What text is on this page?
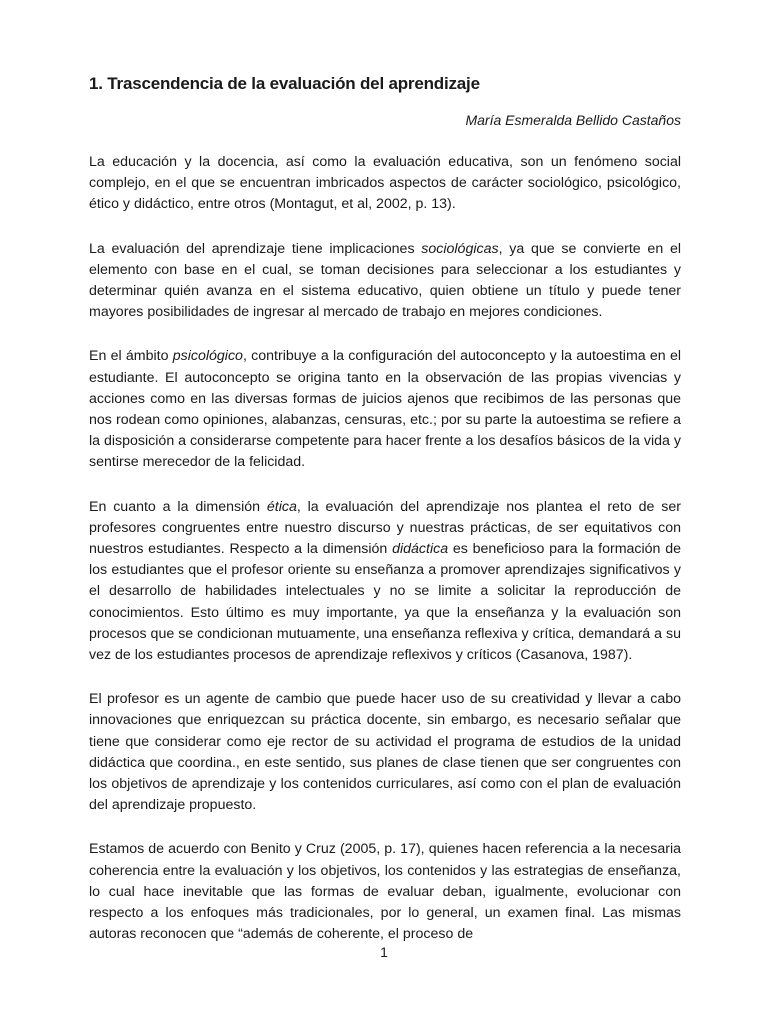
1. Trascendencia de la evaluación del aprendizaje

María Esmeralda Bellido Castaños

La educación y la docencia, así como la evaluación educativa, son un fenómeno social complejo, en el que se encuentran imbricados aspectos de carácter sociológico, psicológico, ético y didáctico, entre otros (Montagut, et al, 2002, p. 13).

La evaluación del aprendizaje tiene implicaciones sociológicas, ya que se convierte en el elemento con base en el cual, se toman decisiones para seleccionar a los estudiantes y determinar quién avanza en el sistema educativo, quien obtiene un título y puede tener mayores posibilidades de ingresar al mercado de trabajo en mejores condiciones.

En el ámbito psicológico, contribuye a la configuración del autoconcepto y la autoestima en el estudiante. El autoconcepto se origina tanto en la observación de las propias vivencias y acciones como en las diversas formas de juicios ajenos que recibimos de las personas que nos rodean como opiniones, alabanzas, censuras, etc.; por su parte la autoestima se refiere a la disposición a considerarse competente para hacer frente a los desafíos básicos de la vida y sentirse merecedor de la felicidad.

En cuanto a la dimensión ética, la evaluación del aprendizaje nos plantea el reto de ser profesores congruentes entre nuestro discurso y nuestras prácticas, de ser equitativos con nuestros estudiantes. Respecto a la dimensión didáctica es beneficioso para la formación de los estudiantes que el profesor oriente su enseñanza a promover aprendizajes significativos y el desarrollo de habilidades intelectuales y no se limite a solicitar la reproducción de conocimientos. Esto último es muy importante, ya que la enseñanza y la evaluación son procesos que se condicionan mutuamente, una enseñanza reflexiva y crítica, demandará a su vez de los estudiantes procesos de aprendizaje reflexivos y críticos (Casanova, 1987).

El profesor es un agente de cambio que puede hacer uso de su creatividad y llevar a cabo innovaciones que enriquezcan su práctica docente, sin embargo, es necesario señalar que tiene que considerar como eje rector de su actividad el programa de estudios de la unidad didáctica que coordina., en este sentido, sus planes de clase tienen que ser congruentes con los objetivos de aprendizaje y los contenidos curriculares, así como con el plan de evaluación del aprendizaje propuesto.

Estamos de acuerdo con Benito y Cruz (2005, p. 17), quienes hacen referencia a la necesaria coherencia entre la evaluación y los objetivos, los contenidos y las estrategias de enseñanza, lo cual hace inevitable que las formas de evaluar deban, igualmente, evolucionar con respecto a los enfoques más tradicionales, por lo general, un examen final. Las mismas autoras reconocen que “además de coherente, el proceso de

1
